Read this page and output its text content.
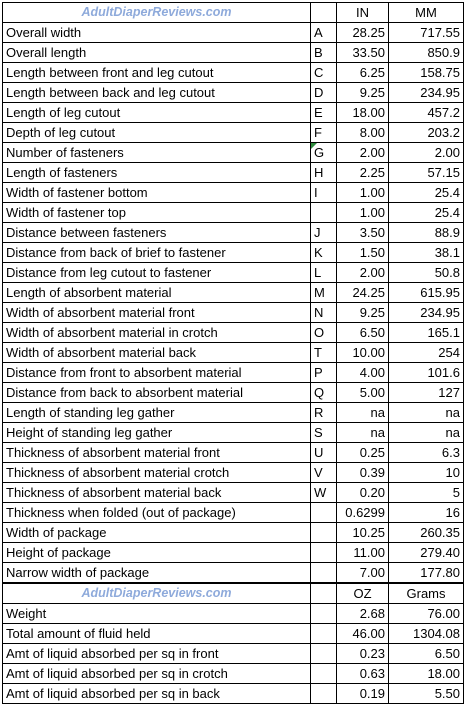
AdultDiaperReviews.com		IN	MM
Overall width	A	28.25	717.55
Overall length	B	33.50	850.9
Length between front and leg cutout	C	6.25	158.75
Length between back and leg cutout	D	9.25	234.95
Length of leg cutout	E	18.00	457.2
Depth of leg cutout	F	8.00	203.2
Number of fasteners	G	2.00	2.00
Length of fasteners	H	2.25	57.15
Width of fastener bottom	I	1.00	25.4
Width of fastener top		1.00	25.4
Distance between fasteners	J	3.50	88.9
Distance from back of brief to fastener	K	1.50	38.1
Distance from leg cutout to fastener	L	2.00	50.8
Length of absorbent material	M	24.25	615.95
Width of absorbent material front	N	9.25	234.95
Width of absorbent material in crotch	O	6.50	165.1
Width of absorbent material back	T	10.00	254
Distance from front to absorbent material	P	4.00	101.6
Distance from back to absorbent material	Q	5.00	127
Length of standing leg gather	R	na	na
Height of standing leg gather	S	na	na
Thickness of absorbent material front	U	0.25	6.3
Thickness of absorbent material crotch	V	0.39	10
Thickness of absorbent material back	W	0.20	5
Thickness when folded (out of package)		0.6299	16
Width of package		10.25	260.35
Height of package		11.00	279.40
Narrow width of package		7.00	177.80
AdultDiaperReviews.com		OZ	Grams
Weight		2.68	76.00
Total amount of fluid held		46.00	1304.08
Amt of liquid absorbed per sq in front		0.23	6.50
Amt of liquid absorbed per sq in crotch		0.63	18.00
Amt of liquid absorbed per sq in back		0.19	5.50
